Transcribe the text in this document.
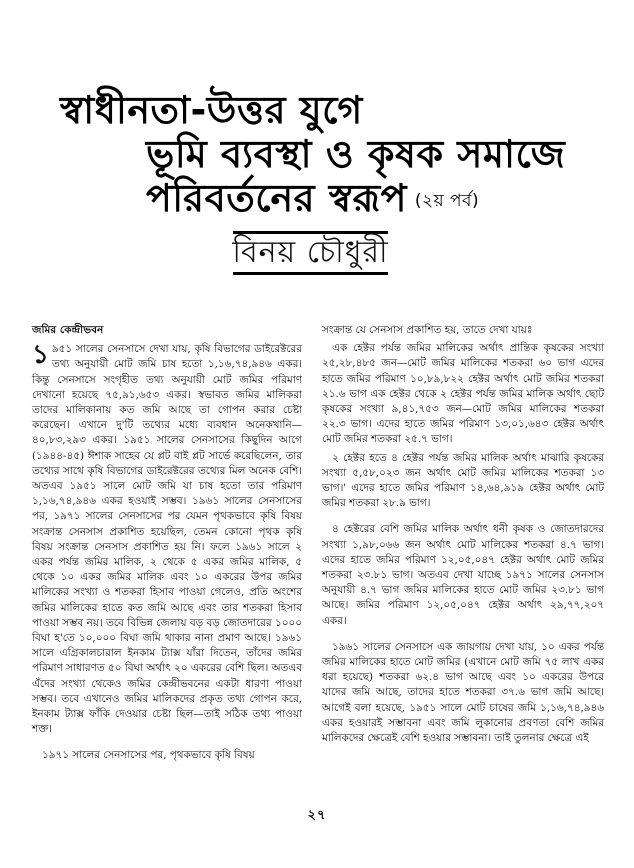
স্বাধীনতা-উত্তর যুগে
ভূমি ব্যবস্থা ও কৃষক সমাজে
পরিবর্তনের স্বরূপ (২য় পর্ব)
বিনয় চৌধুরী
জমির কেন্দ্রীভবন

১৯৫১ সালের সেনসাসে দেখা যায়, কৃষি বিভাগের ডাইরেক্টরের তথ্য অনুযায়ী মোট জমি চাষ হতো ১,১৬,৭৪,৯৪৬ একর। কিন্তু সেনসাসে সংগৃহীত তথ্য অনুযায়ী মোট জমির পরিমাণ দেখানো হয়েছে ৭৫,৯১,৬৫৩ একর। স্বভাবত জমির মালিকরা তাদের মালিকানায় কত জমি আছে তা গোপন করার চেষ্টা করেছেন। এখানে দু'টি তথ্যের মধ্যে ব্যবধান অনেকখানি—৪০,৮৩,২৯৩ একর। ১৯৫১ সালের সেনসাসের কিছুদিন আগে (১৯৪৪-৪৫) ঈশাক সাহেব যে প্লট বাই প্লট সার্ভে করেছিলেন, তার তথ্যের সাথে কৃষি বিভাগের ডাইরেক্টরের তথ্যের মিল অনেক বেশি। অতএব ১৯৫১ সালে মোট জমি যা চাষ হতো তার পরিমাণ ১,১৬,৭৪,৯৪৬ একর হওয়াই সম্ভব। ১৯৬১ সালের সেনসাসের পর, ১৯৭১ সালের সেনসাসের পর যেমন পৃথকভাবে কৃষি বিষয় সংক্রান্ত সেনসাস প্রকাশিত হয়েছিল, তেমন কোনো পৃথক কৃষি বিষয় সংক্রান্ত সেনসাস প্রকাশিত হয় নি। ফলে ১৯৬১ সালে ২ একর পর্যন্ত জমির মালিক, ২ থেকে ৫ একর জমির মালিক, ৫ থেকে ১০ একর জমির মালিক এবং ১০ একরের উপর জমির মালিকের সংখ্যা ও শতকরা হিসাব পাওয়া গেলেও, প্রতি অংশের জমির মালিকের হাতে কত জমি আছে এবং তার শতকরা হিসাব পাওয়া সম্ভব নয়। তবে বিভিন্ন জেলায় বড় বড় জোতদারের ১০০০ বিঘা হ'তে ১০,০০০ বিঘা জমি থাকার নানা প্রমাণ আছে। ১৯৬১ সালে এগ্রিকালচারাল ইনকাম ট্যাক্স যাঁরা দিতেন, তাঁদের জমির পরিমাণ সাধারণত ৫০ বিঘা অর্থাৎ ২০ একরের বেশি ছিল। অতএব এঁদের সংখ্যা থেকেও জমির কেন্দ্রীভবনের একটা ধারণা পাওয়া সম্ভব। তবে এখানেও জমির মালিকদের প্রকৃত তথ্য গোপন করে, ইনকাম ট্যাক্স ফাঁকি দেওয়ার চেষ্টা ছিল—তাই সঠিক তথ্য পাওয়া শক্ত।

১৯৭১ সালের সেনসাসের পর, পৃথকভাবে কৃষি বিষয়

সংক্রান্ত যে সেনসাস প্রকাশিত হয়, তাতে দেখা যায়ঃ

এক হেক্টর পর্যন্ত জমির মালিকের অর্থাৎ প্রান্তিক কৃষকের সংখ্যা ২৫,২৮,৪৮৫ জন—মোট জমির মালিকের শতকরা ৬০ ভাগ এদের হাতে জমির পরিমাণ ১০,৮৯,৮২২ হেক্টর অর্থাৎ মোট জমির শতকরা ২১.৬ ভাগ এক হেক্টর থেকে ২ হেক্টর পর্যন্ত জমির মালিক অর্থাৎ ছোট কৃষকের সংখ্যা ৯,৪১,৭৫৩ জন—মোট জমির মালিকের শতকরা ২২.৩ ভাগ। এদের হাতে জমির পরিমাণ ১৩,০১,৬৪৩ হেক্টর অর্থাৎ মোট জমির শতকরা ২৫.৭ ভাগ।

২ হেক্টর হতে ৪ হেক্টর পর্যন্ত জমির মালিক অর্থাৎ মাঝারি কৃষকের সংখ্যা ৫,৫৮,০২৩ জন অর্থাৎ মোট জমির মালিকের শতকরা ১৩ ভাগ।' এদের হাতে জমির পরিমাণ ১৪,৬৪,৯১৯ হেক্টর অর্থাৎ মোট জমির শতকরা ২৮.৯ ভাগ।

৪ হেক্টরের বেশি জমির মালিক অর্থাৎ ধনী কৃষক ও জোতদারদের সংখ্যা ১,৯৮,০৬৬ জন অর্থাৎ মোট মালিকের শতকরা ৪.৭ ভাগ। এদের হাতে জমির পরিমাণ ১২,০৫,০৪৭ হেক্টর অর্থাৎ মোট জমির শতকরা ২৩.৮১ ভাগ। অতএব দেখা যাচ্ছে ১৯৭১ সালের সেনসাস অনুযায়ী ৪.৭ ভাগ জমির মালিকের হাতে মোট জমির ২৩.৮১ ভাগ আছে। জমির পরিমাণ ১২,০৫,০৪৭ হেক্টর অর্থাৎ ২৯,৭৭,২০৭ একর।

১৯৬১ সালের সেনসাসে এক জায়গায় দেখা যায়, ১০ একর পর্যন্ত জমির মালিকের হাতে মোট জমির (এখানে মোট জমি ৭৫ লাখ একর ধরা হয়েছে) শতকরা ৬২.৪ ভাগ আছে এবং ১০ একরের উপরে যাদের জমি আছে, তাদের হাতে শতকরা ৩৭.৬ ভাগ জমি আছে। আগেই বলা হয়েছে, ১৯৫১ সালে মোট চাষের জমি ১,১৬,৭৪,৯৪৬ একর হওয়ারই সম্ভাবনা এবং জমি লুকানোর প্রবণতা বেশি জমির মালিকদের ক্ষেত্রেই বেশি হওয়ার সম্ভাবনা। তাই তুলনার ক্ষেত্রে এই

২৭
